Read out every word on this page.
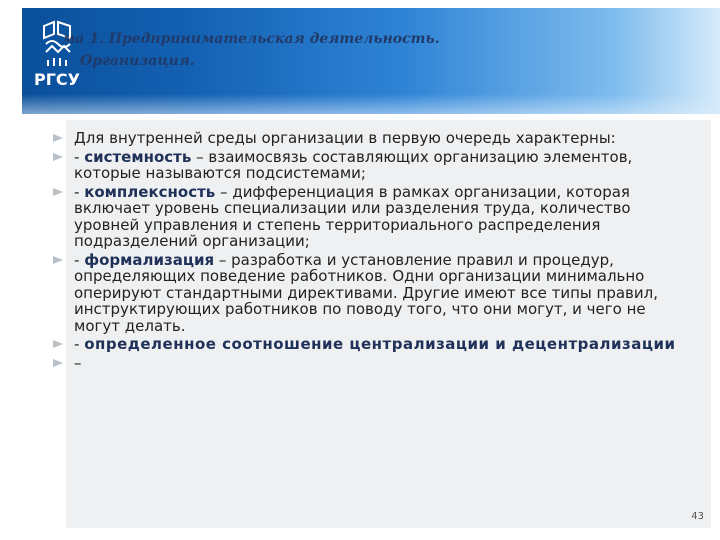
РГСУ
ма 1. Предпринимательская деятельность.
Организация.
Для внутренней среды организации в первую очередь характерны:
- системность – взаимосвязь составляющих организацию элементов, которые называются подсистемами;
- комплексность – дифференциация в рамках организации, которая включает уровень специализации или разделения труда, количество уровней управления и степень территориального распределения подразделений организации;
- формализация – разработка и установление правил и процедур, определяющих поведение работников. Одни организации минимально оперируют стандартными директивами. Другие имеют все типы правил, инструктирующих работников по поводу того, что они могут, и чего не могут делать.
- определенное соотношение централизации и децентрализации
–
43
